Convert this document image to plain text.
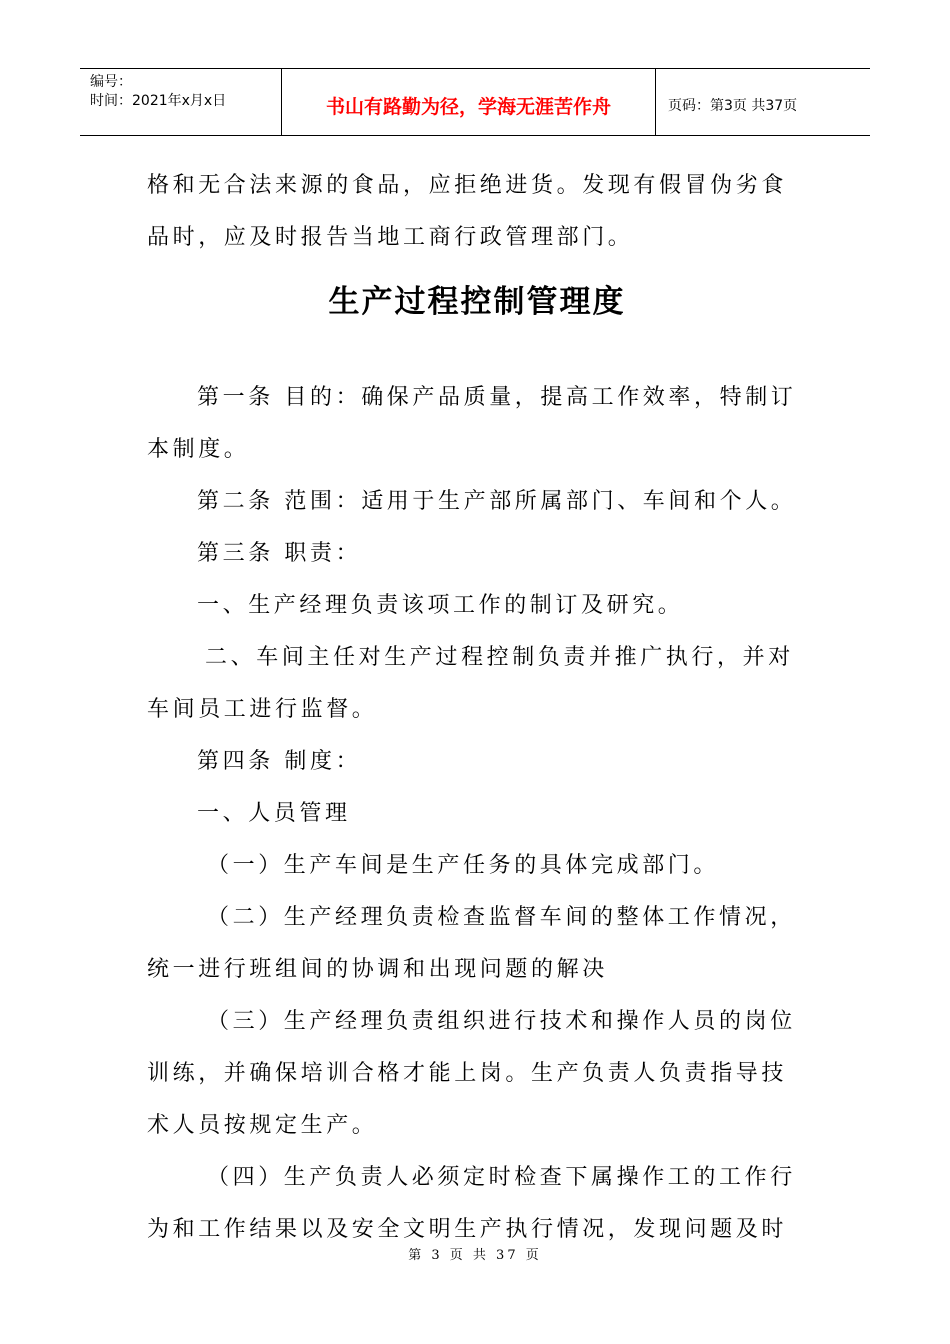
编号：
时间：2021年x月x日	书山有路勤为径，学海无涯苦作舟	页码：第3页 共37页

格和无合法来源的食品，应拒绝进货。发现有假冒伪劣食

品时，应及时报告当地工商行政管理部门。

生产过程控制管理度

第一条 目的：确保产品质量，提高工作效率，特制订

本制度。

第二条 范围：适用于生产部所属部门、车间和个人。

第三条 职责：

一、生产经理负责该项工作的制订及研究。

二、车间主任对生产过程控制负责并推广执行，并对

车间员工进行监督。

第四条 制度：

一、人员管理

（一）生产车间是生产任务的具体完成部门。

（二）生产经理负责检查监督车间的整体工作情况，

统一进行班组间的协调和出现问题的解决

（三）生产经理负责组织进行技术和操作人员的岗位

训练，并确保培训合格才能上岗。生产负责人负责指导技

术人员按规定生产。

（四）生产负责人必须定时检查下属操作工的工作行

为和工作结果以及安全文明生产执行情况，发现问题及时

第 3 页 共 37 页
